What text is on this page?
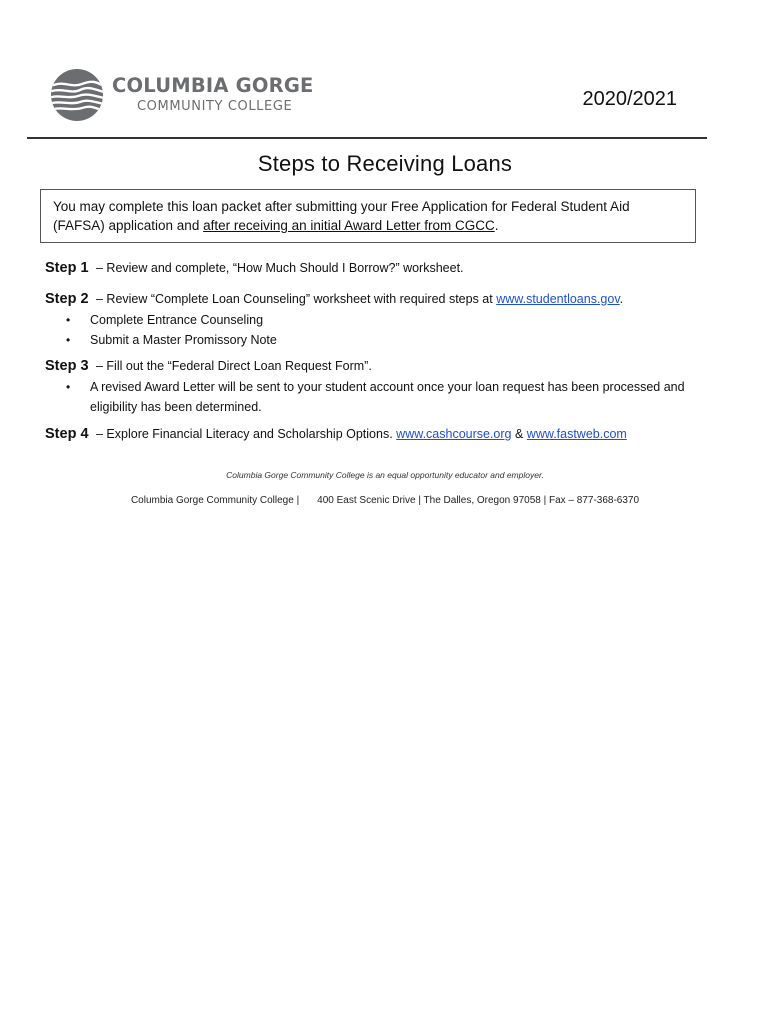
COLUMBIA GORGE
COMMUNITY COLLEGE	2020/2021
Steps to Receiving Loans
You may complete this loan packet after submitting your Free Application for Federal Student Aid (FAFSA) application and after receiving an initial Award Letter from CGCC.
Step 1 – Review and complete, “How Much Should I Borrow?” worksheet.
Step 2 – Review “Complete Loan Counseling” worksheet with required steps at www.studentloans.gov.
• Complete Entrance Counseling
• Submit a Master Promissory Note
Step 3 – Fill out the “Federal Direct Loan Request Form”.
• A revised Award Letter will be sent to your student account once your loan request has been processed and eligibility has been determined.
Step 4 – Explore Financial Literacy and Scholarship Options. www.cashcourse.org & www.fastweb.com
Columbia Gorge Community College is an equal opportunity educator and employer.
Columbia Gorge Community College | 400 East Scenic Drive | The Dalles, Oregon 97058 | Fax – 877-368-6370
